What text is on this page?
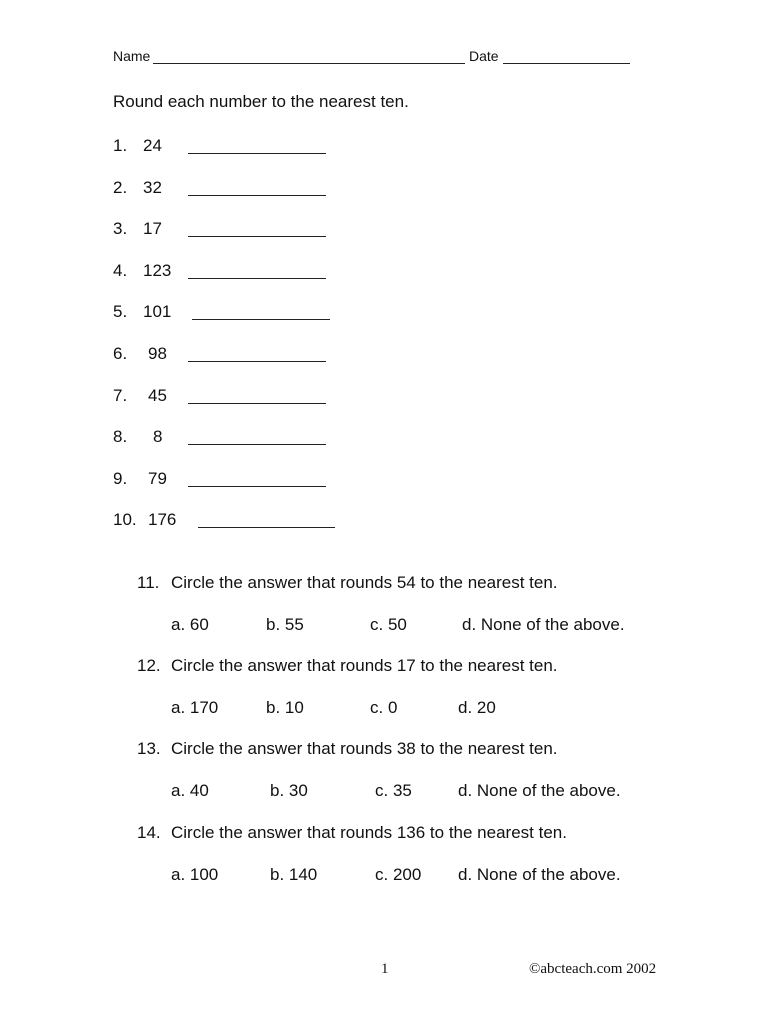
Name	Date
Round each number to the nearest ten.
1. 24
2. 32
3. 17
4. 123
5. 101
6. 98
7. 45
8. 8
9. 79
10. 176
11. Circle the answer that rounds 54 to the nearest ten.
a. 60	b. 55	c. 50	d. None of the above.
12. Circle the answer that rounds 17 to the nearest ten.
a. 170	b. 10	c. 0	d. 20
13. Circle the answer that rounds 38 to the nearest ten.
a. 40	b. 30	c. 35	d. None of the above.
14. Circle the answer that rounds 136 to the nearest ten.
a. 100	b. 140	c. 200 d. None of the above.
1	©abcteach.com 2002
